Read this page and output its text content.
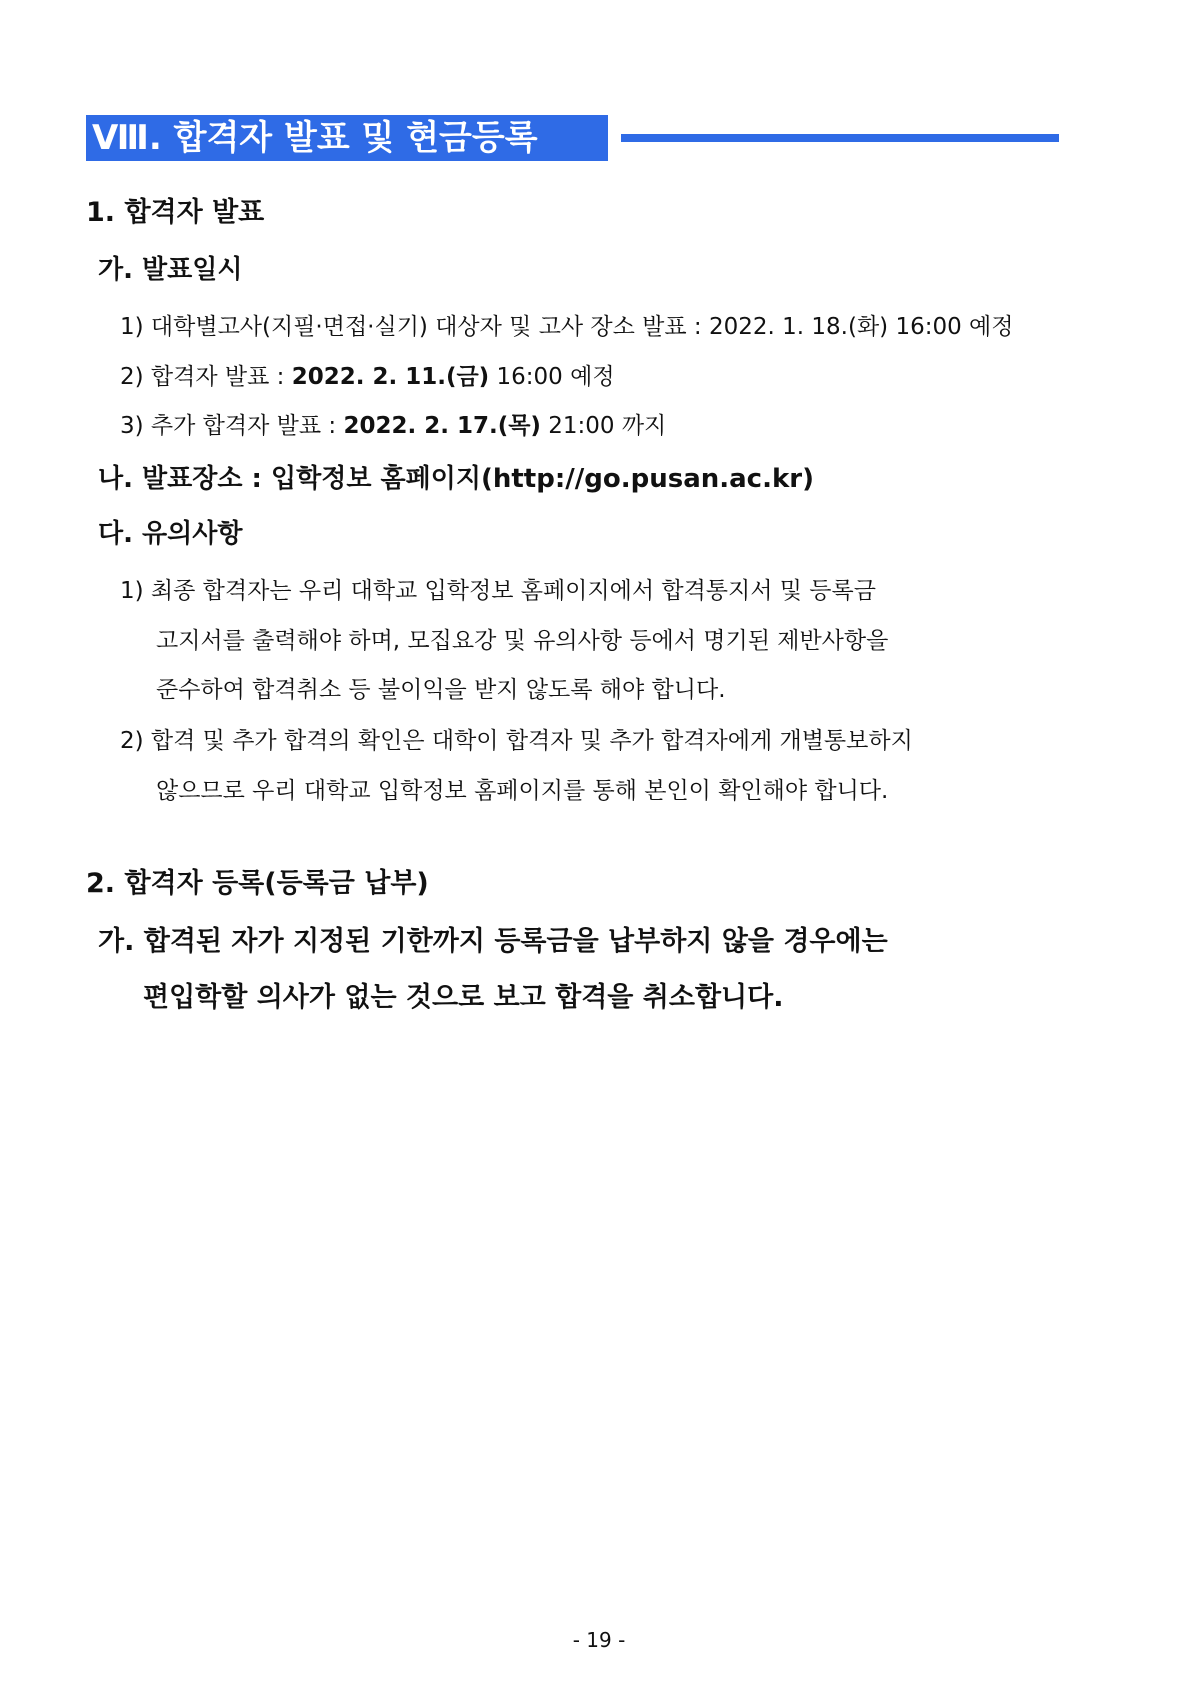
Ⅷ. 합격자 발표 및 현금등록
1. 합격자 발표
가. 발표일시
1) 대학별고사(지필·면접·실기) 대상자 및 고사 장소 발표 : 2022. 1. 18.(화) 16:00 예정
2) 합격자 발표 : 2022. 2. 11.(금) 16:00 예정
3) 추가 합격자 발표 : 2022. 2. 17.(목) 21:00 까지
나. 발표장소 : 입학정보 홈페이지(http://go.pusan.ac.kr)
다. 유의사항
1) 최종 합격자는 우리 대학교 입학정보 홈페이지에서 합격통지서 및 등록금
고지서를 출력해야 하며, 모집요강 및 유의사항 등에서 명기된 제반사항을
준수하여 합격취소 등 불이익을 받지 않도록 해야 합니다.
2) 합격 및 추가 합격의 확인은 대학이 합격자 및 추가 합격자에게 개별통보하지
않으므로 우리 대학교 입학정보 홈페이지를 통해 본인이 확인해야 합니다.
2. 합격자 등록(등록금 납부)
가. 합격된 자가 지정된 기한까지 등록금을 납부하지 않을 경우에는
편입학할 의사가 없는 것으로 보고 합격을 취소합니다.
- 19 -
